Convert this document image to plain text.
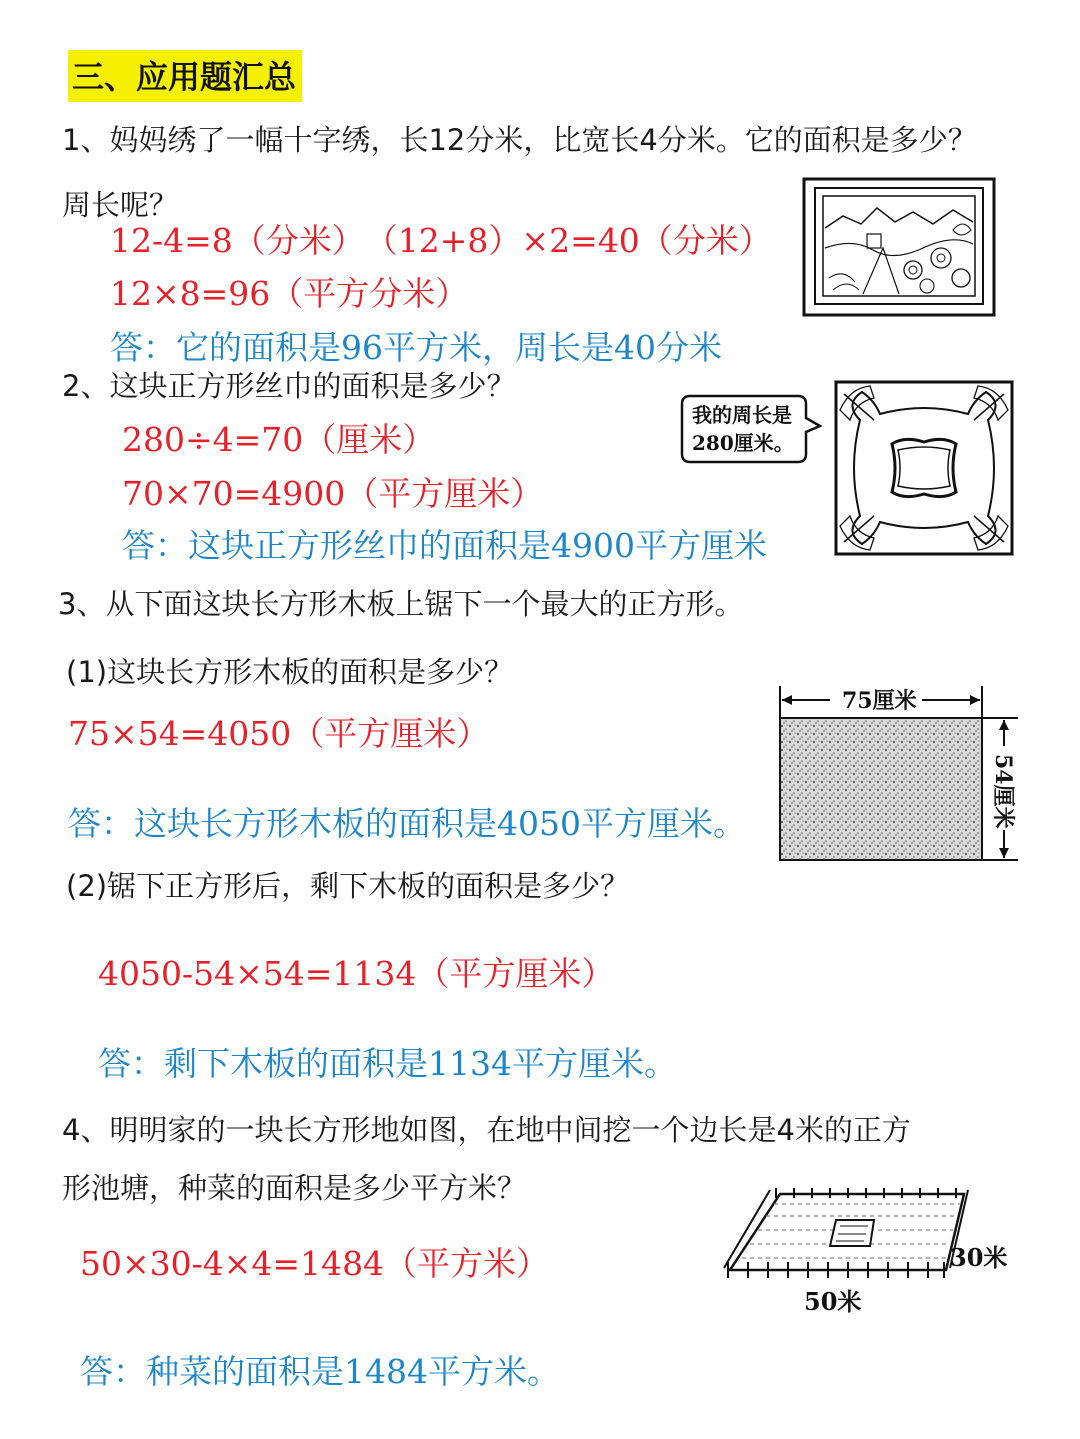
三、应用题汇总
1、妈妈绣了一幅十字绣，长12分米，比宽长4分米。它的面积是多少？
周长呢？
12-4=8（分米）　（12+8）×2=40（分米）
12×8=96（平方分米）
答：它的面积是96平方米，周长是40分米
2、这块正方形丝巾的面积是多少？
280÷4=70（厘米）
70×70=4900（平方厘米）
答：这块正方形丝巾的面积是4900平方厘米
我的周长是
280厘米。
3、从下面这块长方形木板上锯下一个最大的正方形。
(1)这块长方形木板的面积是多少？
75×54=4050（平方厘米）
答：这块长方形木板的面积是4050平方厘米。
(2)锯下正方形后，剩下木板的面积是多少？
4050-54×54=1134（平方厘米）
答：剩下木板的面积是1134平方厘米。
75厘米
54厘米
4、明明家的一块长方形地如图，在地中间挖一个边长是4米的正方
形池塘，种菜的面积是多少平方米？
50×30-4×4=1484（平方米）
答：种菜的面积是1484平方米。
30米
50米
